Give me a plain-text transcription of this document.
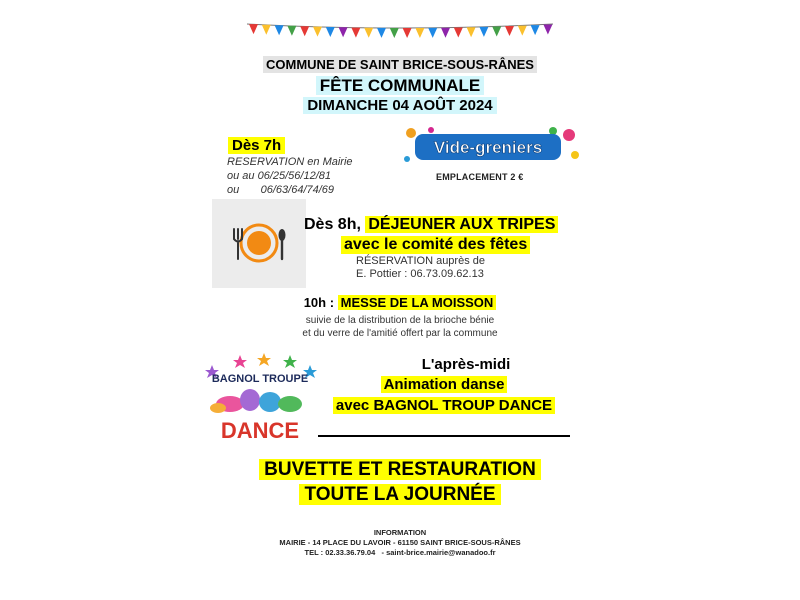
COMMUNE DE SAINT BRICE-SOUS-RÂNES
FÊTE COMMUNALE
DIMANCHE 04 AOÛT 2024
Dès 7h
RESERVATION en Mairie
ou au 06/25/56/12/81
ou       06/63/64/74/69
Vide-greniers
EMPLACEMENT 2 €
Dès 8h, DÉJEUNER AUX TRIPES
avec le comité des fêtes
RÉSERVATION auprès de
E. Pottier : 06.73.09.62.13
10h : MESSE DE LA MOISSON
suivie de la distribution de la brioche bénie
et du verre de l'amitié offert par la commune
BAGNOL TROUPE
DANCE
L'après-midi
Animation danse
avec BAGNOL TROUP DANCE
BUVETTE ET RESTAURATION
TOUTE LA JOURNÉE
INFORMATION
MAIRIE - 14 PLACE DU LAVOIR - 61150 SAINT BRICE-SOUS-RÂNES
TEL : 02.33.36.79.04   - saint-brice.mairie@wanadoo.fr
